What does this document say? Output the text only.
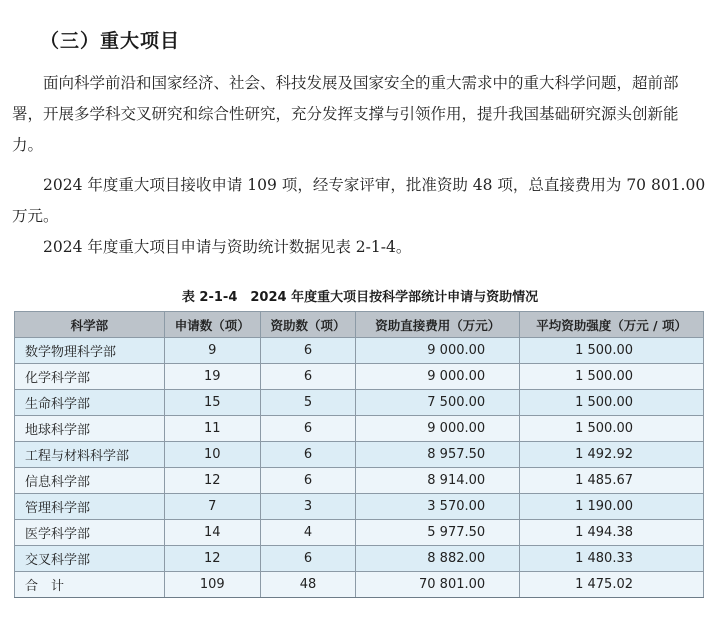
（三）重大项目

面向科学前沿和国家经济、社会、科技发展及国家安全的重大需求中的重大科学问题，超前部署，开展多学科交叉研究和综合性研究，充分发挥支撑与引领作用，提升我国基础研究源头创新能力。

2024 年度重大项目接收申请 109 项，经专家评审，批准资助 48 项，总直接费用为 70 801.00 万元。

2024 年度重大项目申请与资助统计数据见表 2-1-4。

表 2-1-4　2024 年度重大项目按科学部统计申请与资助情况

科学部	申请数（项）	资助数（项）	资助直接费用（万元）	平均资助强度（万元 / 项）
数学物理科学部	9	6	9 000.00	1 500.00
化学科学部	19	6	9 000.00	1 500.00
生命科学部	15	5	7 500.00	1 500.00
地球科学部	11	6	9 000.00	1 500.00
工程与材料科学部	10	6	8 957.50	1 492.92
信息科学部	12	6	8 914.00	1 485.67
管理科学部	7	3	3 570.00	1 190.00
医学科学部	14	4	5 977.50	1 494.38
交叉科学部	12	6	8 882.00	1 480.33
合　计	109	48	70 801.00	1 475.02
